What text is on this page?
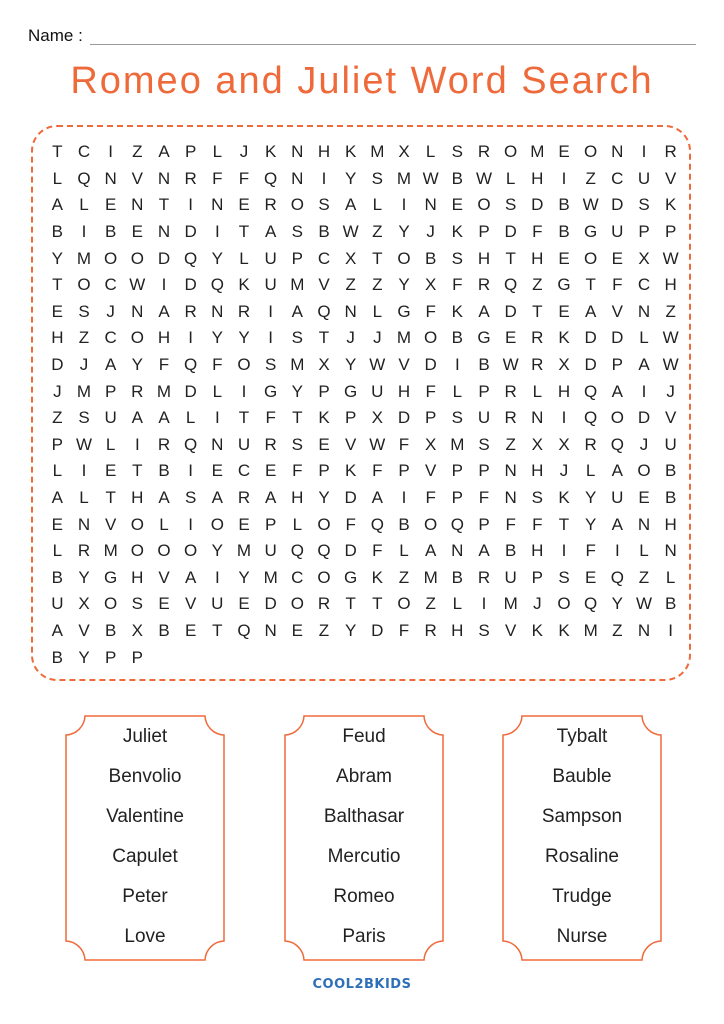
Name :
Romeo and Juliet Word Search
T C	I	Z A P L	J K N H K M X L S R O M E O N	I	R
L Q N V N R F F Q N	I	Y S M W B W L H	I	Z C U V
A L E N T	I	N E R O S A L	I	N E O S D B W D S K
B	I	B E N D	I	T A S B W Z Y J K P D F B G U P P
Y M O O D Q Y L U P C X T O B S H T H E O E X W
T O C W I	D Q K U M V Z Z Y X F R Q Z G T F C H
E S J N A R N R	I	A Q N L G F K A D T E A V N Z
H Z C O H	I	Y Y	I	S T	J	J M O B G E R K D D L W
D J A Y F Q F O S M X Y W V D	I	B W R X D P A W
J M P R M D L	I	G Y P G U H F L P R L H Q A	I	J
Z S U A A L	I	T F T K P X D P S U R N	I	Q O D V
P W L	I	R Q N U R S E V W F X M S Z X X R Q J U
L	I	E T B	I	E C E F P K F P V P P N H J	L A O B
A L T H A S A R A H Y D A	I	F P F N S K Y U E B
E N V O L	I	O E P L O F Q B O Q P F F T Y A N H
L R M O O O Y M U Q Q D F L A N A B H	I	F	I	L N
B Y G H V A	I	Y M C O G K Z M B R U P S E Q Z L
U X O S E V U E D O R T T O Z L	I	M J O Q Y W B
A V B X B E T Q N E Z Y D F R H S V K K M Z N	I
B Y P P
Juliet
Benvolio
Valentine
Capulet
Peter
Love
Feud
Abram
Balthasar
Mercutio
Romeo
Paris
Tybalt
Bauble
Sampson
Rosaline
Trudge
Nurse
COOL2BKIDS
